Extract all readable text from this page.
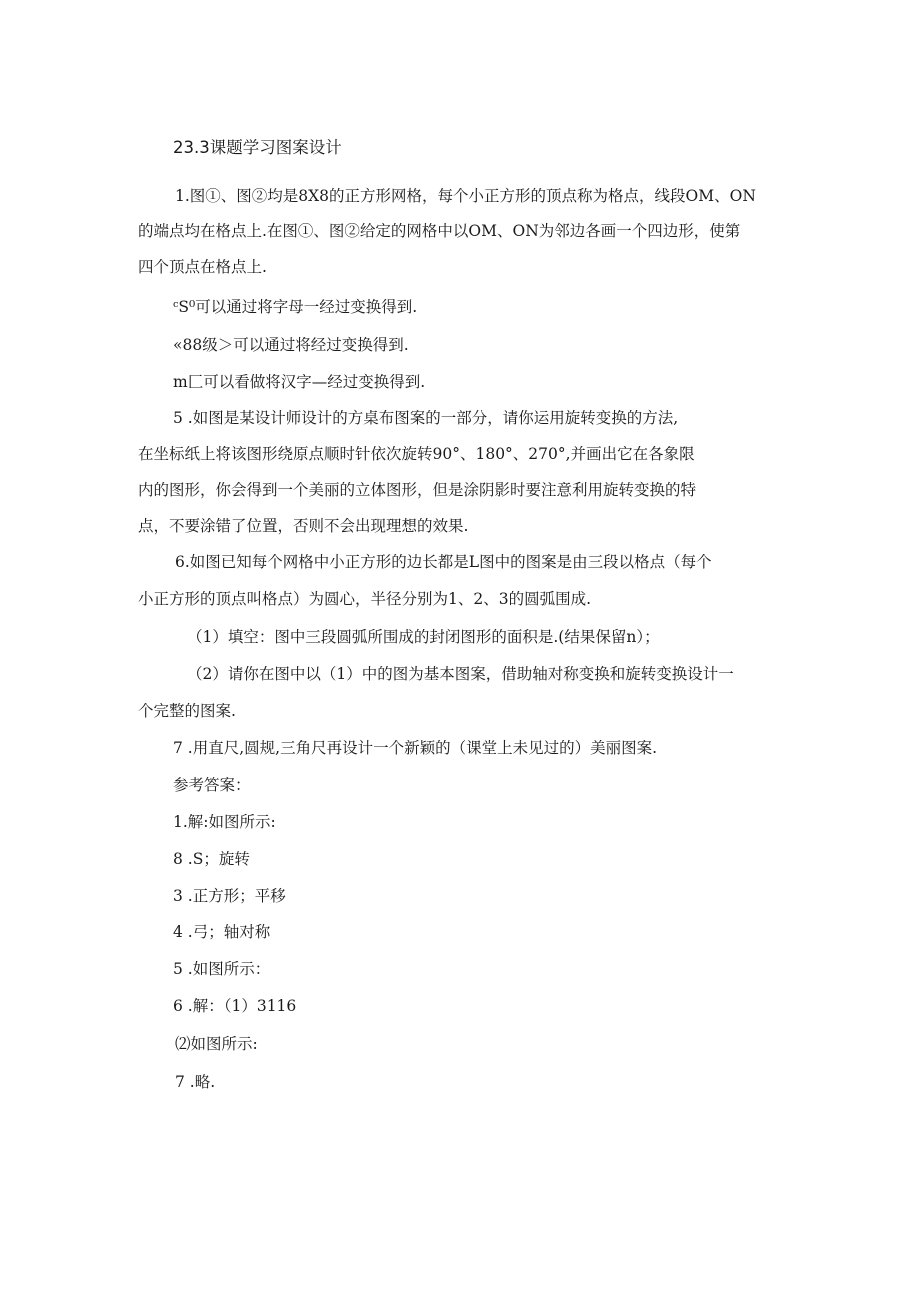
23.3课题学习图案设计
1.图①、图②均是8X8的正方形网格，每个小正方形的顶点称为格点，线段OM、ON
的端点均在格点上.在图①、图②给定的网格中以OM、ON为邻边各画一个四边形，使第
四个顶点在格点上.
ᶜS⁰可以通过将字母一经过变换得到.
«88级＞可以通过将经过变换得到.
m匚可以看做将汉字—经过变换得到.
5 .如图是某设计师设计的方桌布图案的一部分，请你运用旋转变换的方法,
在坐标纸上将该图形绕原点顺时针依次旋转90°、180°、270°,并画出它在各象限
内的图形，你会得到一个美丽的立体图形，但是涂阴影时要注意利用旋转变换的特
点，不要涂错了位置，否则不会出现理想的效果.
6.如图已知每个网格中小正方形的边长都是L图中的图案是由三段以格点（每个
小正方形的顶点叫格点）为圆心，半径分别为1、2、3的圆弧围成.
（1）填空：图中三段圆弧所围成的封闭图形的面积是.(结果保留n）；
（2）请你在图中以（1）中的图为基本图案，借助轴对称变换和旋转变换设计一
个完整的图案.
7 .用直尺,圆规,三角尺再设计一个新颖的（课堂上未见过的）美丽图案.
参考答案：
1.解:如图所示:
8 .S；旋转
3 .正方形；平移
4 .弓；轴对称
5 .如图所示：
6 .解：（1）3116
⑵如图所示:
7 .略.
